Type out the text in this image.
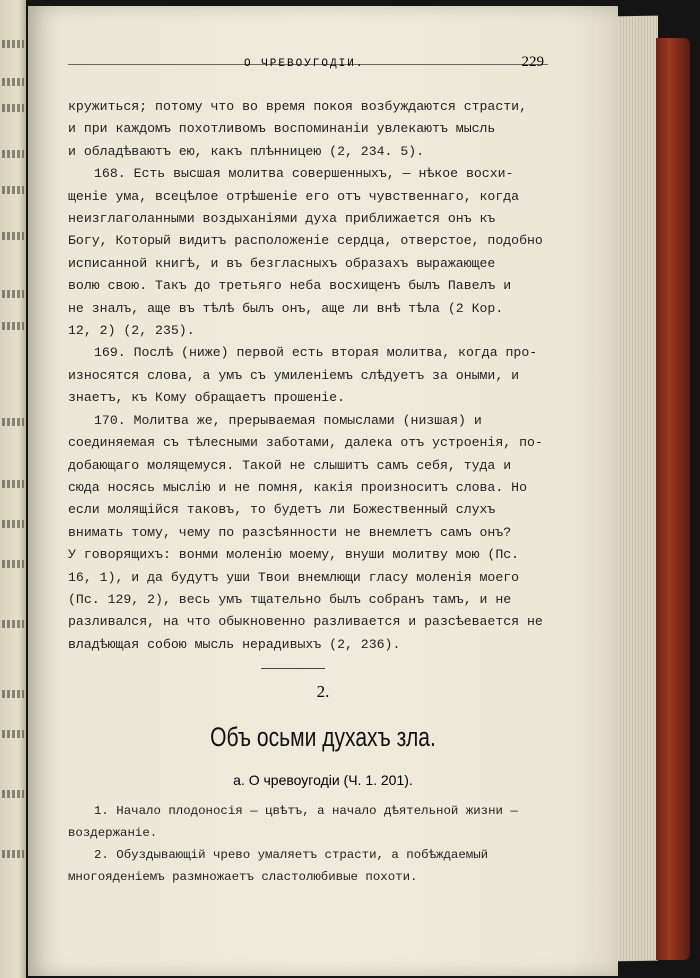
О ЧРЕВОУГОДІИ.	229

кружиться; потому что во время покоя возбуждаются страсти,
и при каждомъ похотливомъ воспоминаніи увлекаютъ мысль
и обладѣваютъ ею, какъ плѣнницею (2, 234. 5).

168. Есть высшая молитва совершенныхъ, — нѣкое восхи-
щеніе ума, всецѣлое отрѣшеніе его отъ чувственнаго, когда
неизглаголанными воздыханіями духа приближается онъ къ
Богу, Который видитъ расположеніе сердца, отверстое, подобно
исписанной книгѣ, и въ безгласныхъ образахъ выражающее
волю свою. Такъ до третьяго неба восхищенъ былъ Павелъ и
не зналъ, аще въ тѣлѣ былъ онъ, аще ли внѣ тѣла (2 Кор.
12, 2) (2, 235).

169. Послѣ (ниже) первой есть вторая молитва, когда про-
износятся слова, а умъ съ умиленіемъ слѣдуетъ за оными, и
знаетъ, къ Кому обращаетъ прошеніе.

170. Молитва же, прерываемая помыслами (низшая) и
соединяемая съ тѣлесными заботами, далека отъ устроенія, по-
добающаго молящемуся. Такой не слышитъ самъ себя, туда и
сюда носясь мыслію и не помня, какія произноситъ слова. Но
если молящійся таковъ, то будетъ ли Божественный слухъ
внимать тому, чему по разсѣянности не внемлетъ самъ онъ?
У говорящихъ: вонми моленію моему, внуши молитву мою (Пс.
16, 1), и да будутъ уши Твои внемлющи гласу моленія моего
(Пс. 129, 2), весь умъ тщательно былъ собранъ тамъ, и не
разливался, на что обыкновенно разливается и разсѣевается не
владѣющая собою мысль нерадивыхъ (2, 236).

2.
Объ осьми духахъ зла.
а. О чревоугодіи (Ч. 1. 201).

1. Начало плодоносія — цвѣтъ, а начало дѣятельной жизни —
воздержаніе.

2. Обуздывающій чрево умаляетъ страсти, а побѣждаемый
многоядeніемъ размножаетъ сластолюбивые похоти.
